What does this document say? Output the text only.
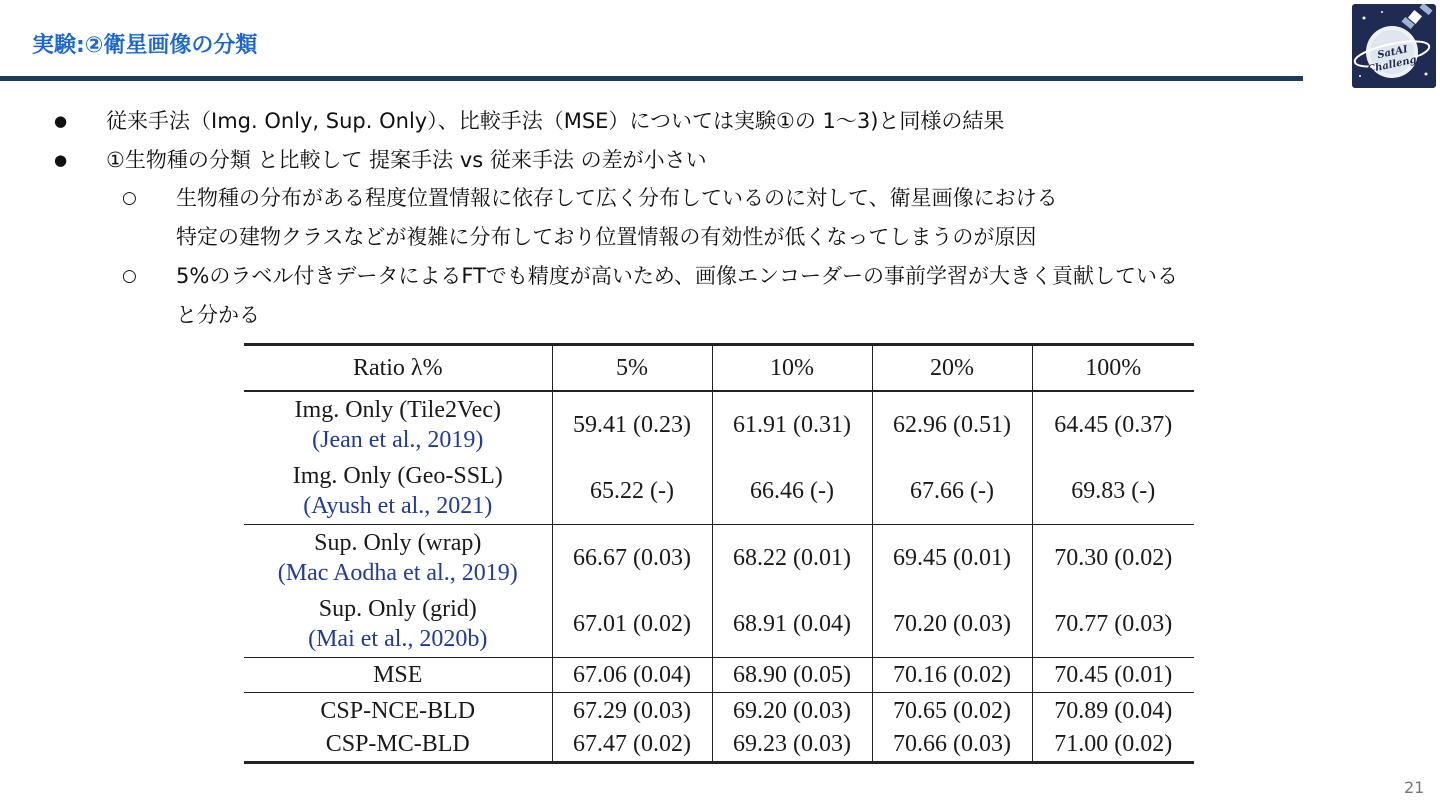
実験:②衛星画像の分類	SatAI Challenge
● 従来手法（Img. Only, Sup. Only）、比較手法（MSE）については実験①の 1〜3)と同様の結果
● ①生物種の分類 と比較して 提案手法 vs 従来手法 の差が小さい
○ 生物種の分布がある程度位置情報に依存して広く分布しているのに対して、衛星画像における
特定の建物クラスなどが複雑に分布しており位置情報の有効性が低くなってしまうのが原因
○ 5%のラベル付きデータによるFTでも精度が高いため、画像エンコーダーの事前学習が大きく貢献している
と分かる
Ratio λ%	5%	10%	20%	100%
Img. Only (Tile2Vec)
(Jean et al., 2019)	59.41 (0.23)	61.91 (0.31)	62.96 (0.51)	64.45 (0.37)
Img. Only (Geo-SSL)
(Ayush et al., 2021)	65.22 (-)	66.46 (-)	67.66 (-)	69.83 (-)
Sup. Only (wrap)
(Mac Aodha et al., 2019)	66.67 (0.03)	68.22 (0.01)	69.45 (0.01)	70.30 (0.02)
Sup. Only (grid)
(Mai et al., 2020b)	67.01 (0.02)	68.91 (0.04)	70.20 (0.03)	70.77 (0.03)
MSE	67.06 (0.04)	68.90 (0.05)	70.16 (0.02)	70.45 (0.01)
CSP-NCE-BLD	67.29 (0.03)	69.20 (0.03)	70.65 (0.02)	70.89 (0.04)
CSP-MC-BLD	67.47 (0.02)	69.23 (0.03)	70.66 (0.03)	71.00 (0.02)
21
